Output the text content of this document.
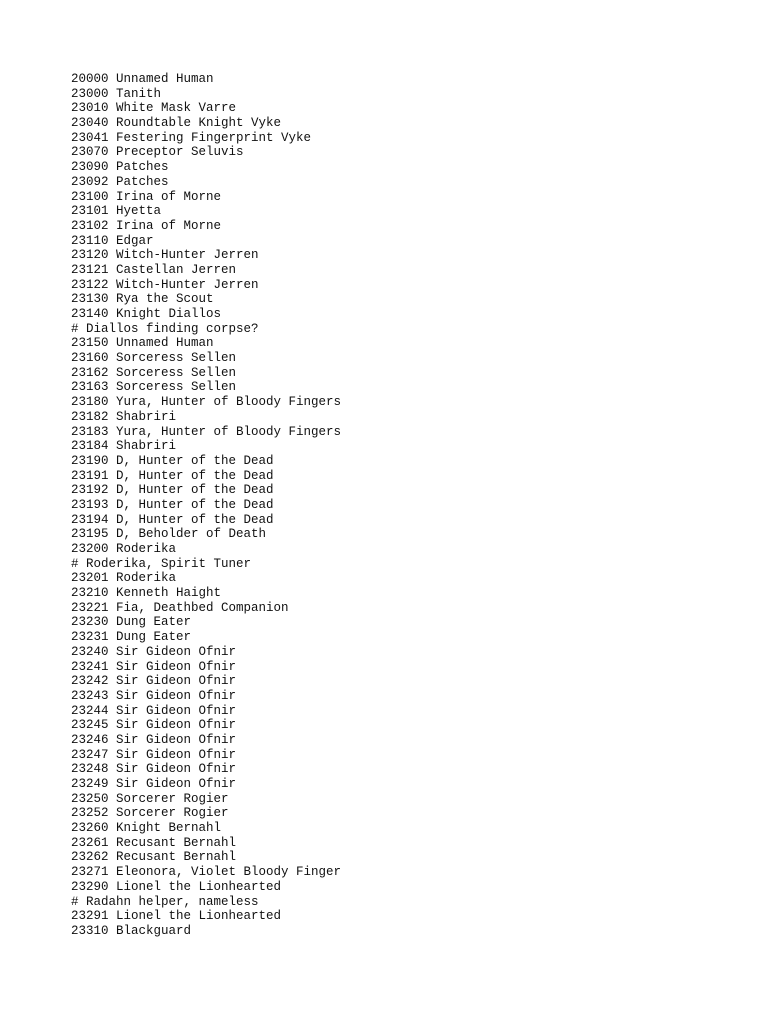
20000 Unnamed Human
23000 Tanith
23010 White Mask Varre
23040 Roundtable Knight Vyke
23041 Festering Fingerprint Vyke
23070 Preceptor Seluvis
23090 Patches
23092 Patches
23100 Irina of Morne
23101 Hyetta
23102 Irina of Morne
23110 Edgar
23120 Witch-Hunter Jerren
23121 Castellan Jerren
23122 Witch-Hunter Jerren
23130 Rya the Scout
23140 Knight Diallos
# Diallos finding corpse?
23150 Unnamed Human
23160 Sorceress Sellen
23162 Sorceress Sellen
23163 Sorceress Sellen
23180 Yura, Hunter of Bloody Fingers
23182 Shabriri
23183 Yura, Hunter of Bloody Fingers
23184 Shabriri
23190 D, Hunter of the Dead
23191 D, Hunter of the Dead
23192 D, Hunter of the Dead
23193 D, Hunter of the Dead
23194 D, Hunter of the Dead
23195 D, Beholder of Death
23200 Roderika
# Roderika, Spirit Tuner
23201 Roderika
23210 Kenneth Haight
23221 Fia, Deathbed Companion
23230 Dung Eater
23231 Dung Eater
23240 Sir Gideon Ofnir
23241 Sir Gideon Ofnir
23242 Sir Gideon Ofnir
23243 Sir Gideon Ofnir
23244 Sir Gideon Ofnir
23245 Sir Gideon Ofnir
23246 Sir Gideon Ofnir
23247 Sir Gideon Ofnir
23248 Sir Gideon Ofnir
23249 Sir Gideon Ofnir
23250 Sorcerer Rogier
23252 Sorcerer Rogier
23260 Knight Bernahl
23261 Recusant Bernahl
23262 Recusant Bernahl
23271 Eleonora, Violet Bloody Finger
23290 Lionel the Lionhearted
# Radahn helper, nameless
23291 Lionel the Lionhearted
23310 Blackguard
